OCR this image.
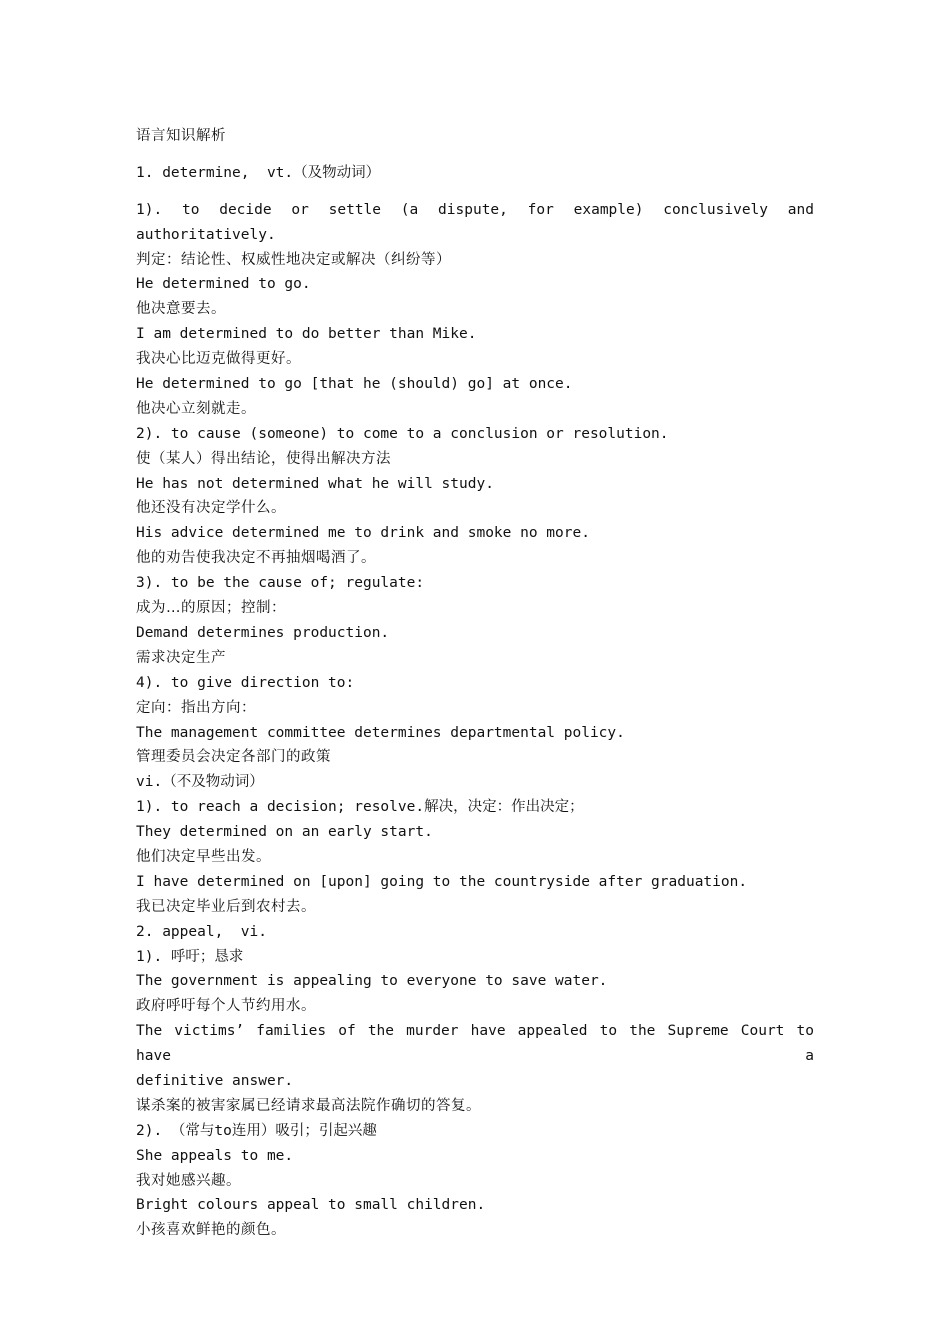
语言知识解析

1. determine,  vt.（及物动词）

1). to decide or settle (a dispute, for example) conclusively and

authoritatively.

判定：结论性、权威性地决定或解决（纠纷等）

He determined to go.

他决意要去。

I am determined to do better than Mike.

我决心比迈克做得更好。

He determined to go [that he (should) go] at once.

他决心立刻就走。

2). to cause (someone) to come to a conclusion or resolution.

使（某人）得出结论，使得出解决方法

He has not determined what he will study.

他还没有决定学什么。

His advice determined me to drink and smoke no more.

他的劝告使我决定不再抽烟喝酒了。

3). to be the cause of; regulate:

成为…的原因；控制：

Demand determines production.

需求决定生产

4). to give direction to:

定向：指出方向：

The management committee determines departmental policy.

管理委员会决定各部门的政策

vi.（不及物动词）

1). to reach a decision; resolve.解决，决定：作出决定；

They determined on an early start.

他们决定早些出发。

I have determined on [upon] going to the countryside after graduation.

我已决定毕业后到农村去。

2. appeal,  vi.

1). 呼吁；恳求

The government is appealing to everyone to save water.

政府呼吁每个人节约用水。

The victims’ families of the murder have appealed to the Supreme Court to have a

definitive answer.

谋杀案的被害家属已经请求最高法院作确切的答复。

2). （常与to连用）吸引；引起兴趣

She appeals to me.

我对她感兴趣。

Bright colours appeal to small children.

小孩喜欢鲜艳的颜色。
